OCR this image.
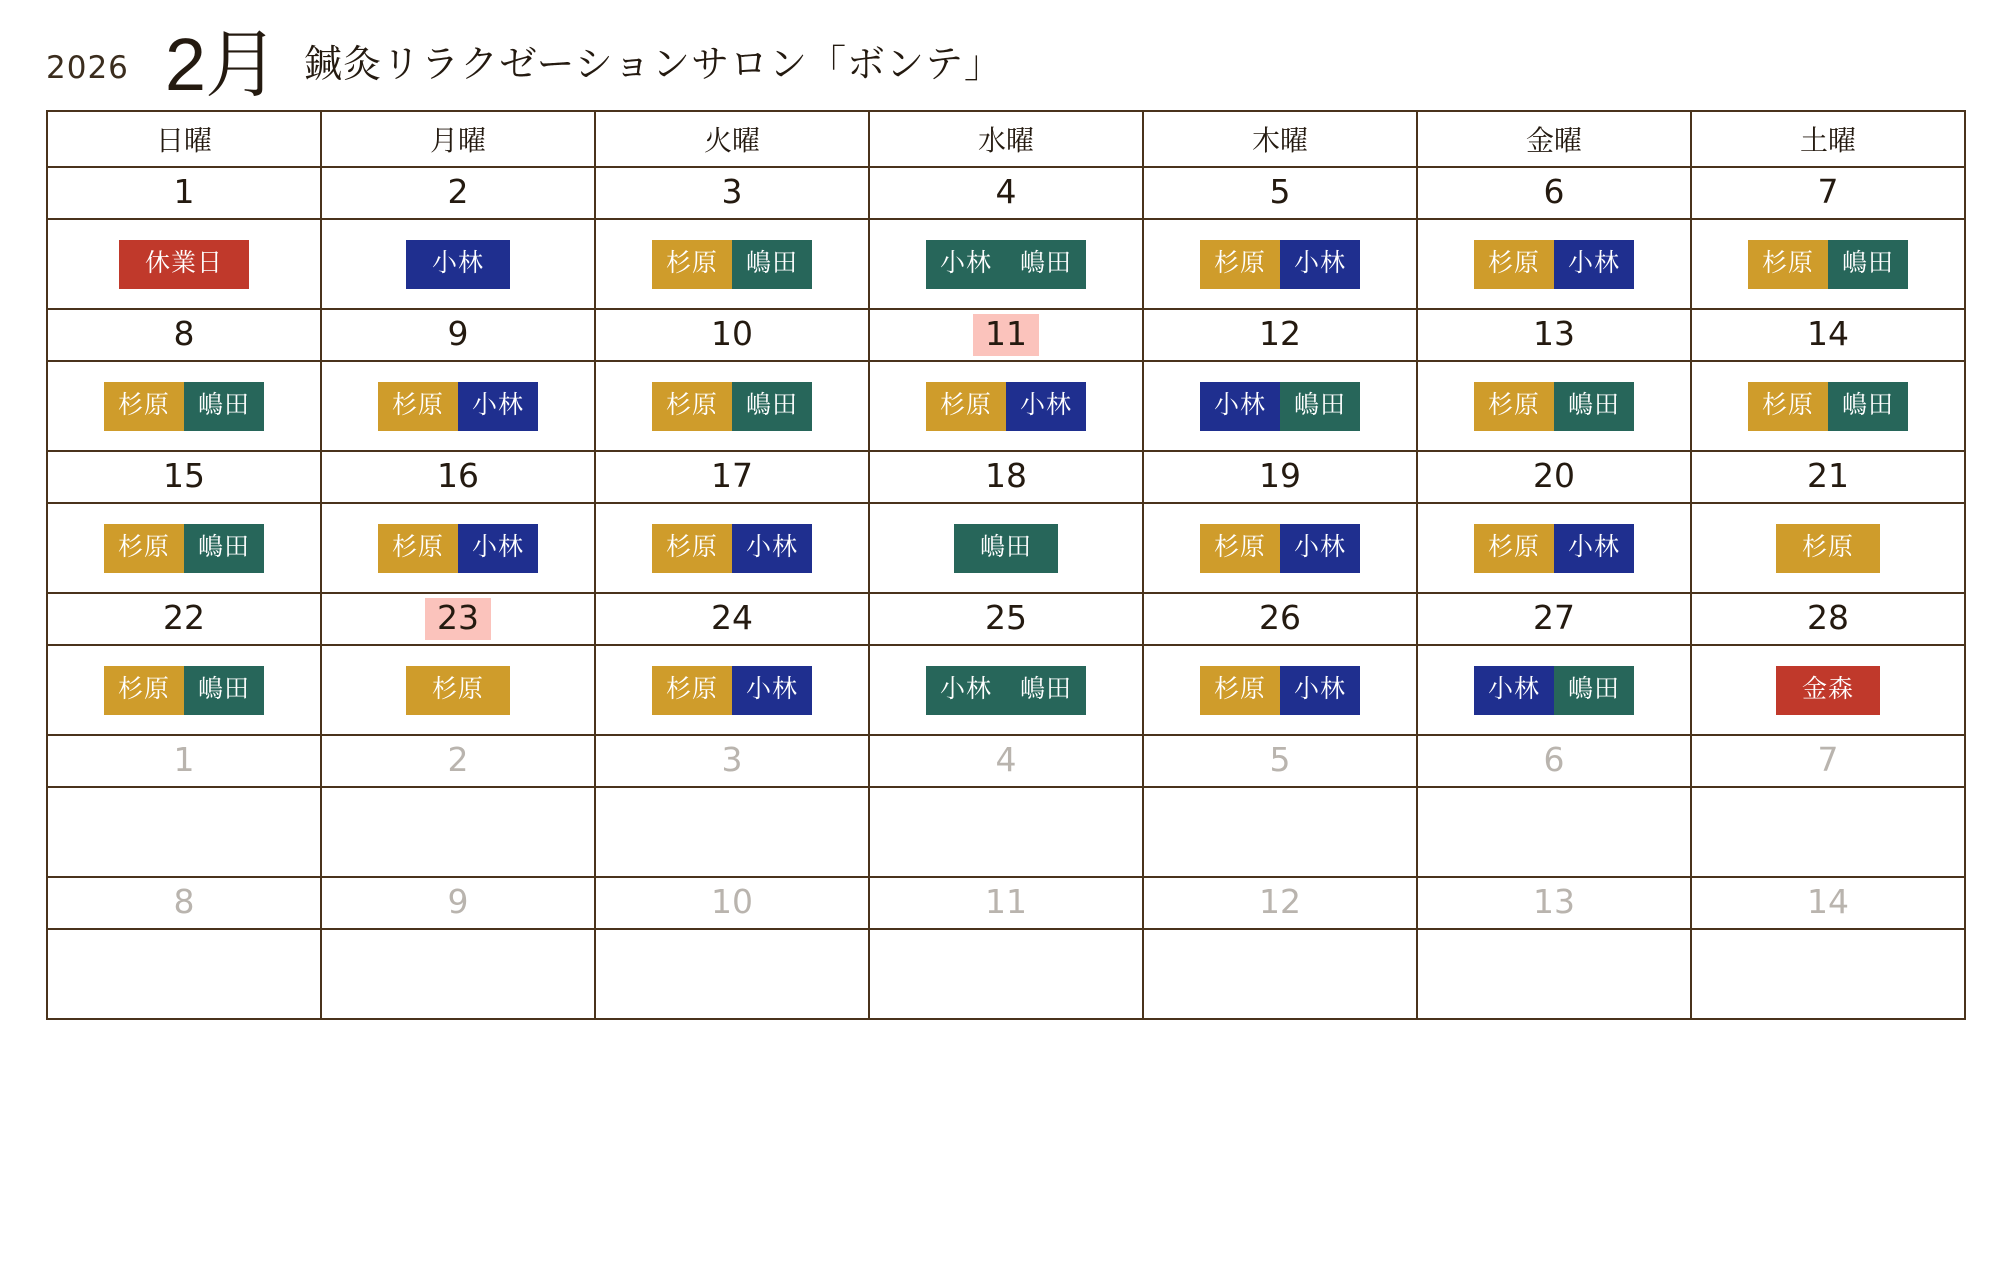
2026 2月 鍼灸リラクゼーションサロン「ボンテ」
日曜	月曜	火曜	水曜	木曜	金曜	土曜
1	2	3	4	5	6	7

休業日	小林	杉原 嶋田	小林 嶋田	杉原 小林	杉原 小林	杉原 嶋田

8	9	10	11	12	13	14

杉原 嶋田	杉原 小林	杉原 嶋田	杉原 小林	小林 嶋田	杉原 嶋田	杉原 嶋田

15	16	17	18	19	20	21

杉原 嶋田	杉原 小林	杉原 小林	嶋田	杉原 小林	杉原 小林	杉原

22	23	24	25	26	27	28

杉原 嶋田	杉原	杉原 小林	小林 嶋田	杉原 小林	小林 嶋田	金森

1	2	3	4	5	6	7

8	9	10	11	12	13	14
